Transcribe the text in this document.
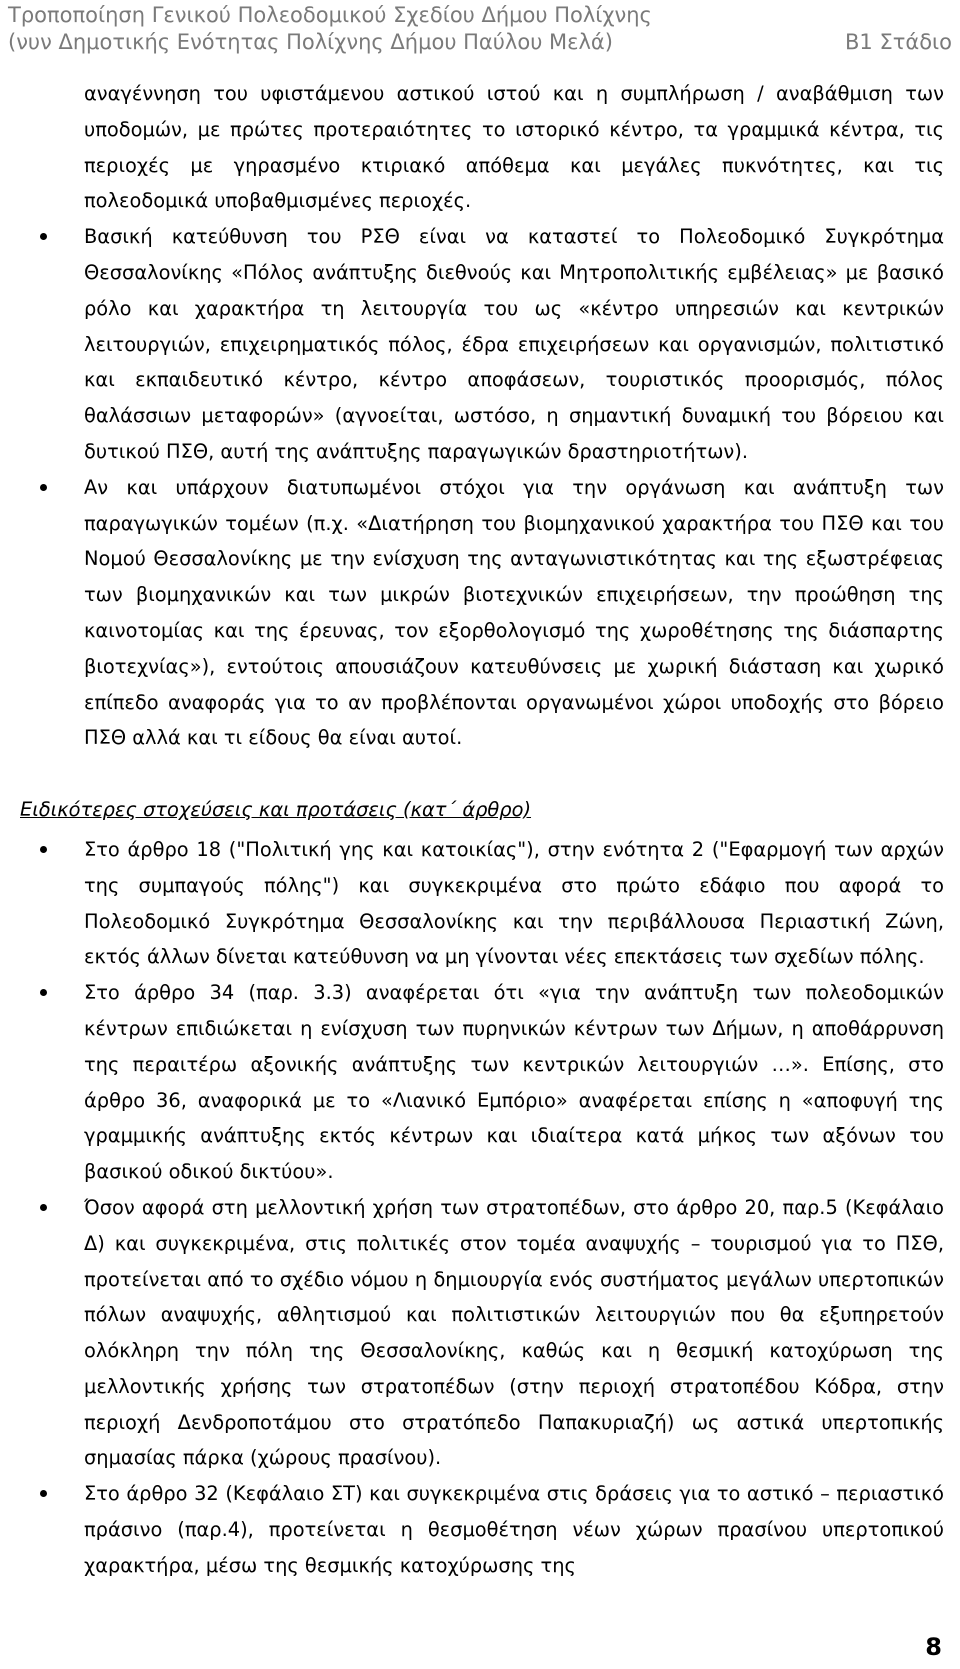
Τροποποίηση Γενικού Πολεοδομικού Σχεδίου Δήμου Πολίχνης
(νυν Δημοτικής Ενότητας Πολίχνης Δήμου Παύλου Μελά)	Β1 Στάδιο

αναγέννηση του υφιστάμενου αστικού ιστού και η συμπλήρωση / αναβάθμιση των υποδομών, με πρώτες προτεραιότητες το ιστορικό κέντρο, τα γραμμικά κέντρα, τις περιοχές με γηρασμένο κτιριακό απόθεμα και μεγάλες πυκνότητες, και τις πολεοδομικά υποβαθμισμένες περιοχές.

Βασική κατεύθυνση του ΡΣΘ είναι να καταστεί το Πολεοδομικό Συγκρότημα Θεσσαλονίκης «Πόλος ανάπτυξης διεθνούς και Μητροπολιτικής εμβέλειας» με βασικό ρόλο και χαρακτήρα τη λειτουργία του ως «κέντρο υπηρεσιών και κεντρικών λειτουργιών, επιχειρηματικός πόλος, έδρα επιχειρήσεων και οργανισμών, πολιτιστικό και εκπαιδευτικό κέντρο, κέντρο αποφάσεων, τουριστικός προορισμός, πόλος θαλάσσιων μεταφορών» (αγνοείται, ωστόσο, η σημαντική δυναμική του βόρειου και δυτικού ΠΣΘ, αυτή της ανάπτυξης παραγωγικών δραστηριοτήτων).
Αν και υπάρχουν διατυπωμένοι στόχοι για την οργάνωση και ανάπτυξη των παραγωγικών τομέων (π.χ. «Διατήρηση του βιομηχανικού χαρακτήρα του ΠΣΘ και του Νομού Θεσσαλονίκης με την ενίσχυση της ανταγωνιστικότητας και της εξωστρέφειας των βιομηχανικών και των μικρών βιοτεχνικών επιχειρήσεων, την προώθηση της καινοτομίας και της έρευνας, τον εξορθολογισμό της χωροθέτησης της διάσπαρτης βιοτεχνίας»), εντούτοις απουσιάζουν κατευθύνσεις με χωρική διάσταση και χωρικό επίπεδο αναφοράς για το αν προβλέπονται οργανωμένοι χώροι υποδοχής στο βόρειο ΠΣΘ αλλά και τι είδους θα είναι αυτοί.
Ειδικότερες στοχεύσεις και προτάσεις (κατ΄ άρθρο)
Στο άρθρο 18 ("Πολιτική γης και κατοικίας"), στην ενότητα 2 ("Εφαρμογή των αρχών της συμπαγούς πόλης") και συγκεκριμένα στο πρώτο εδάφιο που αφορά το Πολεοδομικό Συγκρότημα Θεσσαλονίκης και την περιβάλλουσα Περιαστική Ζώνη, εκτός άλλων δίνεται κατεύθυνση να μη γίνονται νέες επεκτάσεις των σχεδίων πόλης.
Στο άρθρο 34 (παρ. 3.3) αναφέρεται ότι «για την ανάπτυξη των πολεοδομικών κέντρων επιδιώκεται η ενίσχυση των πυρηνικών κέντρων των Δήμων, η αποθάρρυνση της περαιτέρω αξονικής ανάπτυξης των κεντρικών λειτουργιών …». Επίσης, στο άρθρο 36, αναφορικά με το «Λιανικό Εμπόριο» αναφέρεται επίσης η «αποφυγή της γραμμικής ανάπτυξης εκτός κέντρων και ιδιαίτερα κατά μήκος των αξόνων του βασικού οδικού δικτύου».
Όσον αφορά στη μελλοντική χρήση των στρατοπέδων, στο άρθρο 20, παρ.5 (Κεφάλαιο Δ) και συγκεκριμένα, στις πολιτικές στον τομέα αναψυχής – τουρισμού για το ΠΣΘ, προτείνεται από το σχέδιο νόμου η δημιουργία ενός συστήματος μεγάλων υπερτοπικών πόλων αναψυχής, αθλητισμού και πολιτιστικών λειτουργιών που θα εξυπηρετούν ολόκληρη την πόλη της Θεσσαλονίκης, καθώς και η θεσμική κατοχύρωση της μελλοντικής χρήσης των στρατοπέδων (στην περιοχή στρατοπέδου Κόδρα, στην περιοχή Δενδροποτάμου στο στρατόπεδο Παπακυριαζή) ως αστικά υπερτοπικής σημασίας πάρκα (χώρους πρασίνου).
Στο άρθρο 32 (Κεφάλαιο ΣΤ) και συγκεκριμένα στις δράσεις για το αστικό – περιαστικό πράσινο (παρ.4), προτείνεται η θεσμοθέτηση νέων χώρων πρασίνου υπερτοπικού χαρακτήρα, μέσω της θεσμικής κατοχύρωσης της
8
